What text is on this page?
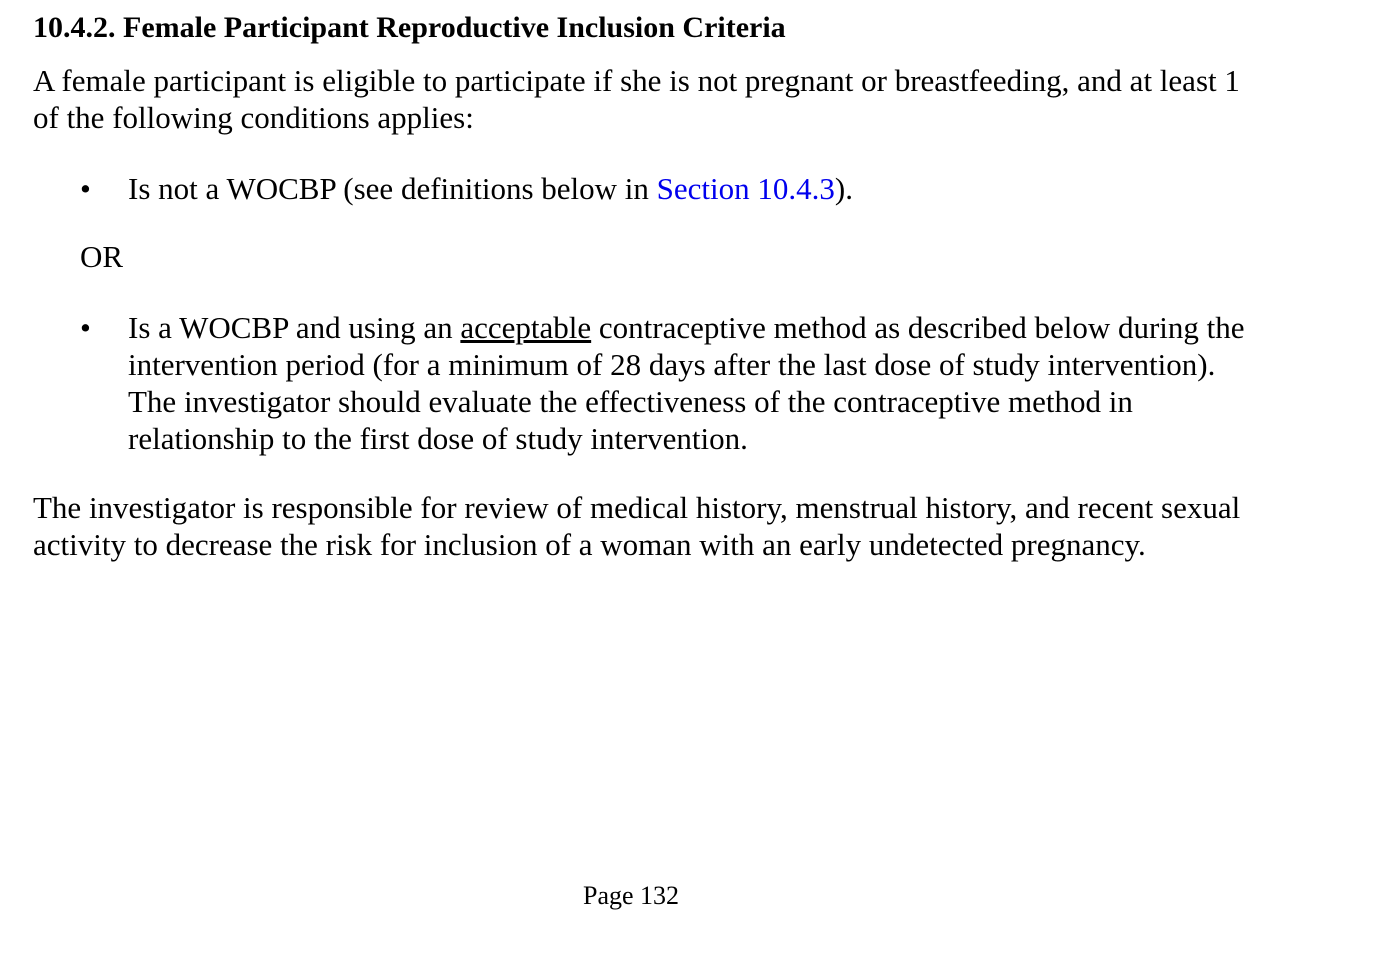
10.4.2. Female Participant Reproductive Inclusion Criteria

A female participant is eligible to participate if she is not pregnant or breastfeeding, and at least 1 of the following conditions applies:

• Is not a WOCBP (see definitions below in Section 10.4.3).

OR

• Is a WOCBP and using an acceptable contraceptive method as described below during the intervention period (for a minimum of 28 days after the last dose of study intervention). The investigator should evaluate the effectiveness of the contraceptive method in relationship to the first dose of study intervention.

The investigator is responsible for review of medical history, menstrual history, and recent sexual activity to decrease the risk for inclusion of a woman with an early undetected pregnancy.

Page 132
